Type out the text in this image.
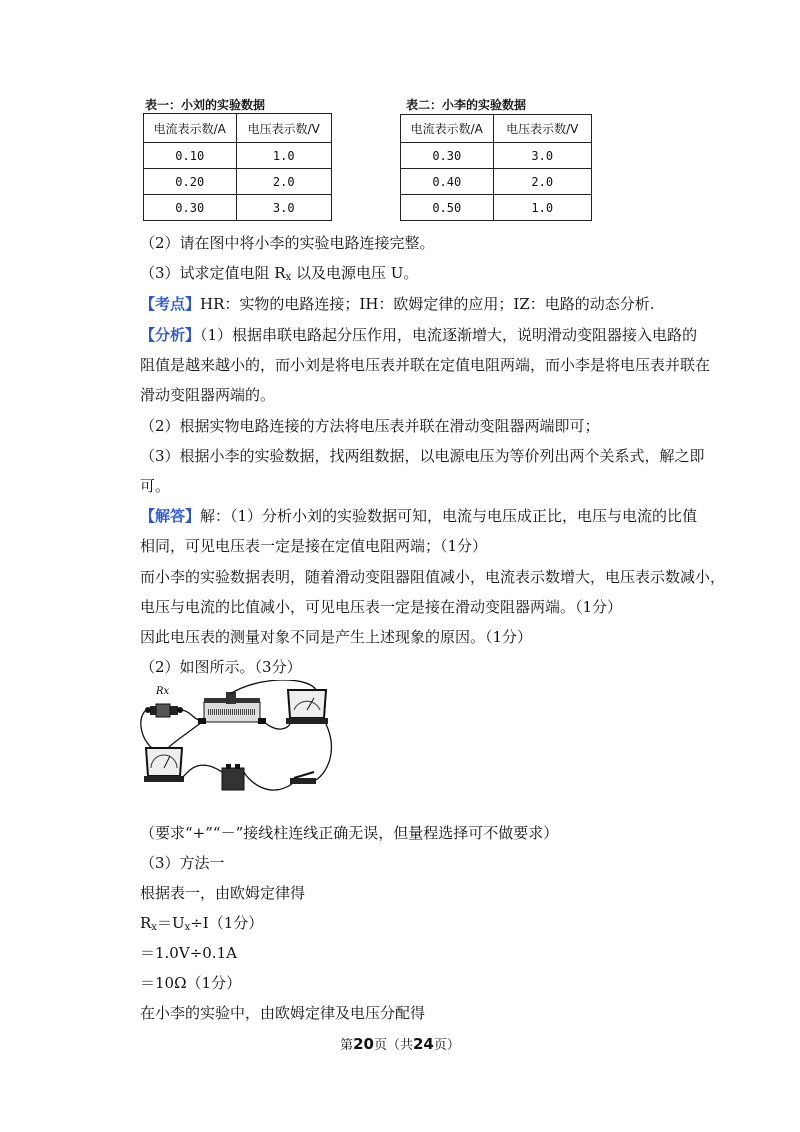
表一：小刘的实验数据
电流表示数/A	电压表示数/V
0.10	1.0
0.20	2.0
0.30	3.0
表二：小李的实验数据
电流表示数/A	电压表示数/V
0.30	3.0
0.40	2.0
0.50	1.0
（2）请在图中将小李的实验电路连接完整。
（3）试求定值电阻 $R_x$ 以及电源电压 U。
【考点】HR：实物的电路连接；IH：欧姆定律的应用；IZ：电路的动态分析.
【分析】（1）根据串联电路起分压作用，电流逐渐增大，说明滑动变阻器接入电路的
阻值是越来越小的，而小刘是将电压表并联在定值电阻两端，而小李是将电压表并联在
滑动变阻器两端的。
（2）根据实物电路连接的方法将电压表并联在滑动变阻器两端即可；
（3）根据小李的实验数据，找两组数据，以电源电压为等价列出两个关系式，解之即
可。
【解答】解：（1）分析小刘的实验数据可知，电流与电压成正比，电压与电流的比值
相同，可见电压表一定是接在定值电阻两端；（1分）
而小李的实验数据表明，随着滑动变阻器阻值减小，电流表示数增大，电压表示数减小，
电压与电流的比值减小，可见电压表一定是接在滑动变阻器两端。（1分）
因此电压表的测量对象不同是产生上述现象的原因。（1分）
（2）如图所示。（3分）
Rx
（要求“+”“－”接线柱连线正确无误，但量程选择可不做要求）
（3）方法一
根据表一，由欧姆定律得
$R_x=U_x\div I(1$分）
＝1.0V÷0.1A
＝10Ω（1分）
在小李的实验中，由欧姆定律及电压分配得
第20页（共24页）
